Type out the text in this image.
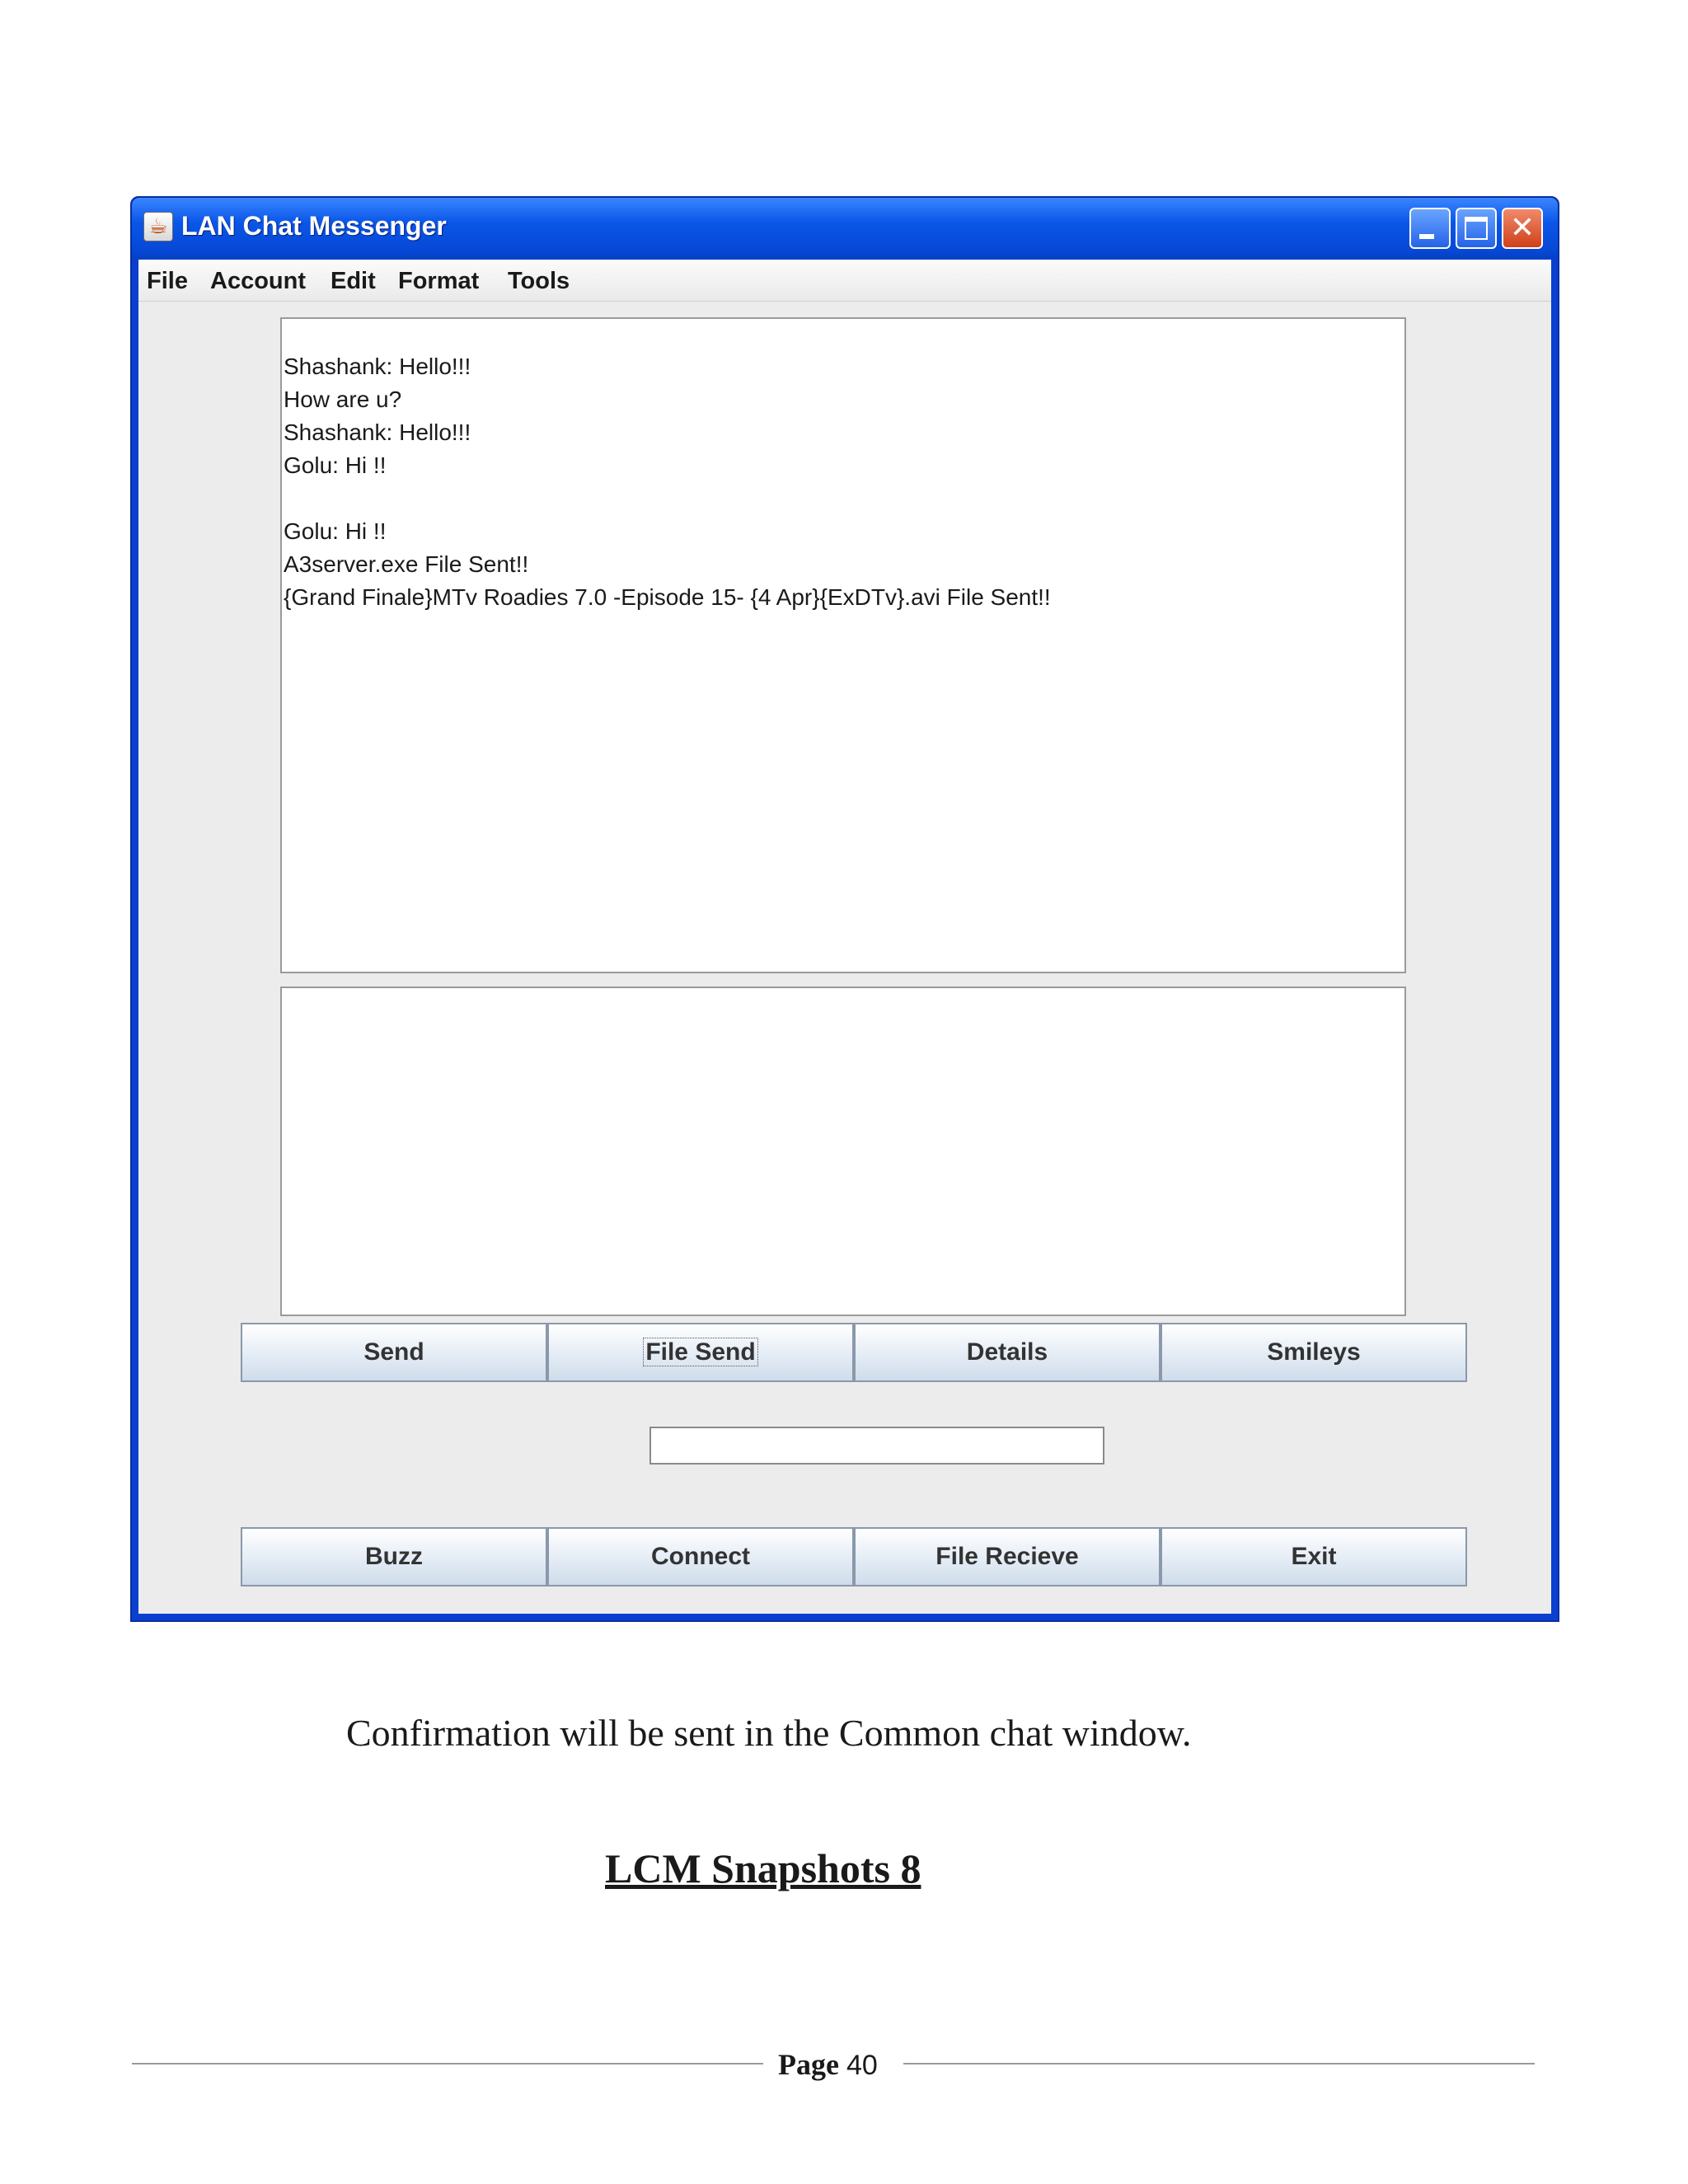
☕ LAN Chat Messenger	✕
File Account Edit Format Tools
Shashank: Hello!!!
How are u?
Shashank: Hello!!!
Golu: Hi !!
Golu: Hi !!
A3server.exe File Sent!!
{Grand Finale}MTv Roadies 7.0 -Episode 15- {4 Apr}{ExDTv}.avi File Sent!!
Send	File Send	Details	Smileys
Buzz	Connect	File Recieve	Exit
Confirmation will be sent in the Common chat window.
LCM Snapshots 8
Page 40
